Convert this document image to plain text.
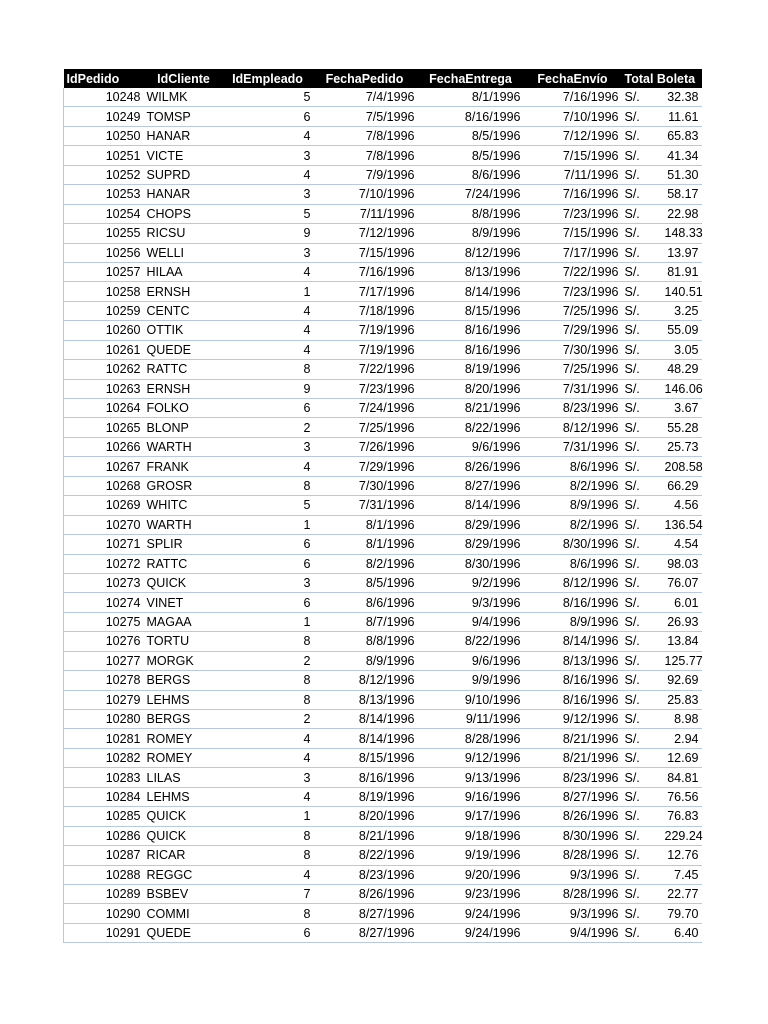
IdPedido	IdCliente	IdEmpleado	FechaPedido	FechaEntrega	FechaEnvío	Total Boleta	
10248	WILMK	5	7/4/1996	8/1/1996	7/16/1996	S/.	32.38
10249	TOMSP	6	7/5/1996	8/16/1996	7/10/1996	S/.	11.61
10250	HANAR	4	7/8/1996	8/5/1996	7/12/1996	S/.	65.83
10251	VICTE	3	7/8/1996	8/5/1996	7/15/1996	S/.	41.34
10252	SUPRD	4	7/9/1996	8/6/1996	7/11/1996	S/.	51.30
10253	HANAR	3	7/10/1996	7/24/1996	7/16/1996	S/.	58.17
10254	CHOPS	5	7/11/1996	8/8/1996	7/23/1996	S/.	22.98
10255	RICSU	9	7/12/1996	8/9/1996	7/15/1996	S/.	148.33
10256	WELLI	3	7/15/1996	8/12/1996	7/17/1996	S/.	13.97
10257	HILAA	4	7/16/1996	8/13/1996	7/22/1996	S/.	81.91
10258	ERNSH	1	7/17/1996	8/14/1996	7/23/1996	S/.	140.51
10259	CENTC	4	7/18/1996	8/15/1996	7/25/1996	S/.	3.25
10260	OTTIK	4	7/19/1996	8/16/1996	7/29/1996	S/.	55.09
10261	QUEDE	4	7/19/1996	8/16/1996	7/30/1996	S/.	3.05
10262	RATTC	8	7/22/1996	8/19/1996	7/25/1996	S/.	48.29
10263	ERNSH	9	7/23/1996	8/20/1996	7/31/1996	S/.	146.06
10264	FOLKO	6	7/24/1996	8/21/1996	8/23/1996	S/.	3.67
10265	BLONP	2	7/25/1996	8/22/1996	8/12/1996	S/.	55.28
10266	WARTH	3	7/26/1996	9/6/1996	7/31/1996	S/.	25.73
10267	FRANK	4	7/29/1996	8/26/1996	8/6/1996	S/.	208.58
10268	GROSR	8	7/30/1996	8/27/1996	8/2/1996	S/.	66.29
10269	WHITC	5	7/31/1996	8/14/1996	8/9/1996	S/.	4.56
10270	WARTH	1	8/1/1996	8/29/1996	8/2/1996	S/.	136.54
10271	SPLIR	6	8/1/1996	8/29/1996	8/30/1996	S/.	4.54
10272	RATTC	6	8/2/1996	8/30/1996	8/6/1996	S/.	98.03
10273	QUICK	3	8/5/1996	9/2/1996	8/12/1996	S/.	76.07
10274	VINET	6	8/6/1996	9/3/1996	8/16/1996	S/.	6.01
10275	MAGAA	1	8/7/1996	9/4/1996	8/9/1996	S/.	26.93
10276	TORTU	8	8/8/1996	8/22/1996	8/14/1996	S/.	13.84
10277	MORGK	2	8/9/1996	9/6/1996	8/13/1996	S/.	125.77
10278	BERGS	8	8/12/1996	9/9/1996	8/16/1996	S/.	92.69
10279	LEHMS	8	8/13/1996	9/10/1996	8/16/1996	S/.	25.83
10280	BERGS	2	8/14/1996	9/11/1996	9/12/1996	S/.	8.98
10281	ROMEY	4	8/14/1996	8/28/1996	8/21/1996	S/.	2.94
10282	ROMEY	4	8/15/1996	9/12/1996	8/21/1996	S/.	12.69
10283	LILAS	3	8/16/1996	9/13/1996	8/23/1996	S/.	84.81
10284	LEHMS	4	8/19/1996	9/16/1996	8/27/1996	S/.	76.56
10285	QUICK	1	8/20/1996	9/17/1996	8/26/1996	S/.	76.83
10286	QUICK	8	8/21/1996	9/18/1996	8/30/1996	S/.	229.24
10287	RICAR	8	8/22/1996	9/19/1996	8/28/1996	S/.	12.76
10288	REGGC	4	8/23/1996	9/20/1996	9/3/1996	S/.	7.45
10289	BSBEV	7	8/26/1996	9/23/1996	8/28/1996	S/.	22.77
10290	COMMI	8	8/27/1996	9/24/1996	9/3/1996	S/.	79.70
10291	QUEDE	6	8/27/1996	9/24/1996	9/4/1996	S/.	6.40
